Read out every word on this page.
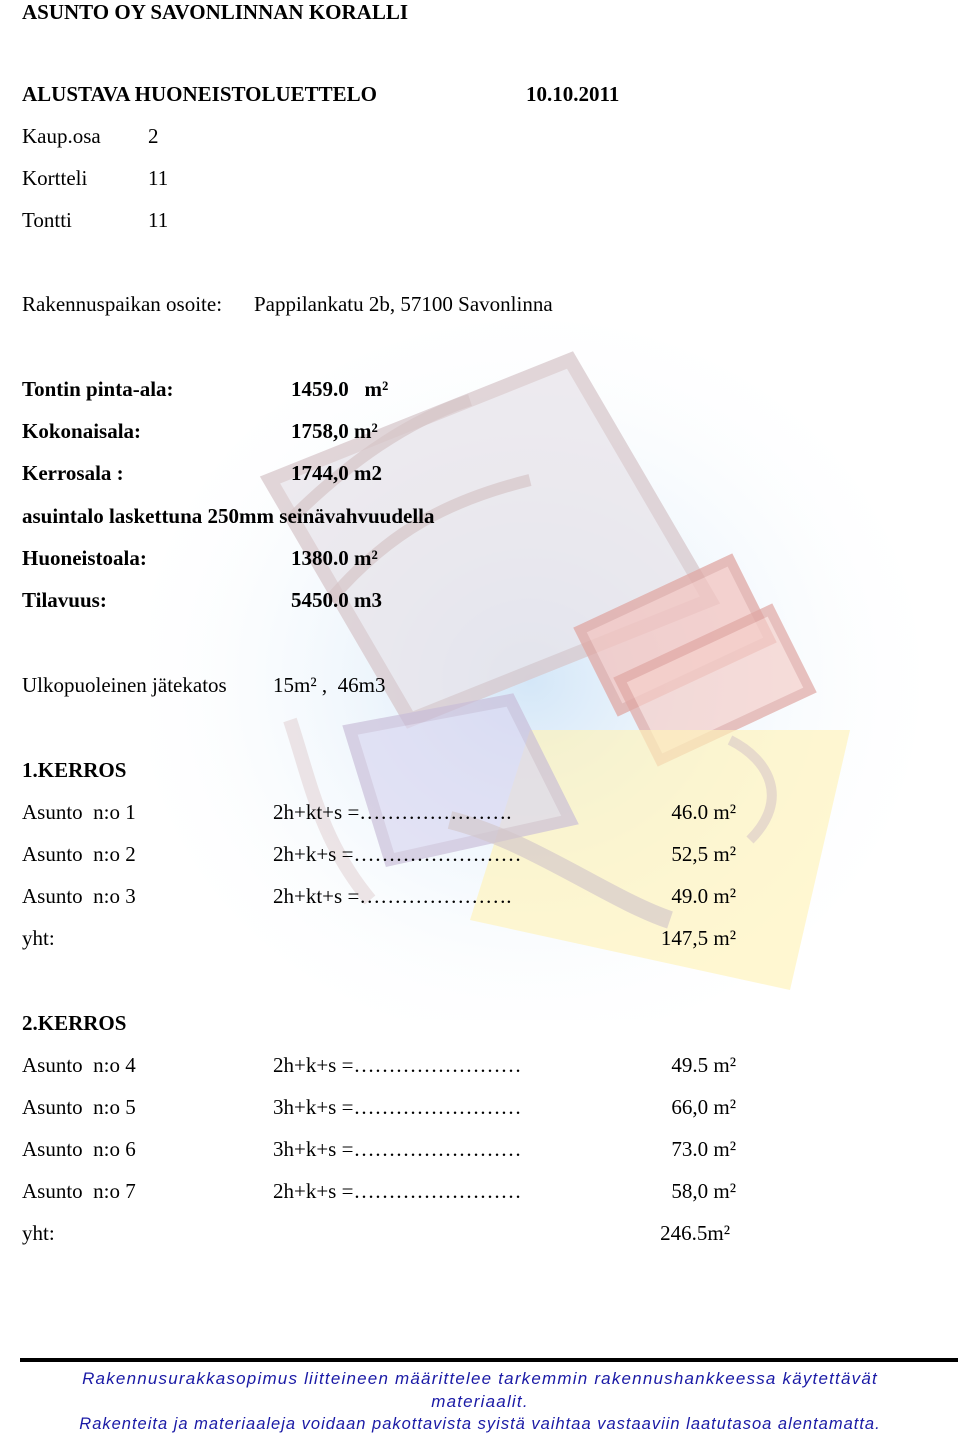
ASUNTO OY SAVONLINNAN KORALLI
ALUSTAVA HUONEISTOLUETTELO	10.10.2011
Kaup.osa 2
Kortteli	11
Tontti	11
Rakennuspaikan osoite: Pappilankatu 2b, 57100 Savonlinna
Tontin pinta-ala:	1459.0   m²
Kokonaisala:	1758,0 m²
Kerrosala :	1744,0 m2
asuintalo laskettuna 250mm seinävahvuudella
Huoneistoala:	1380.0 m²
Tilavuus:	5450.0 m3
Ulkopuoleinen jätekatos 15m² ,  46m3
1.KERROS
Asunto  n:o 1	2h+kt+s =………………….	46.0 m²
Asunto  n:o 2	2h+k+s =……………………	52,5 m²
Asunto  n:o 3	2h+kt+s =………………….	49.0 m²
yht:	147,5 m²
2.KERROS
Asunto  n:o 4	2h+k+s =……………………	49.5 m²
Asunto  n:o 5	3h+k+s =……………………	66,0 m²
Asunto  n:o 6	3h+k+s =……………………	73.0 m²
Asunto  n:o 7	2h+k+s =……………………	58,0 m²
yht:	246.5m²
Rakennusurakkasopimus liitteineen määrittelee tarkemmin rakennushankkeessa käytettävät
materiaalit.
Rakenteita ja materiaaleja voidaan pakottavista syistä vaihtaa vastaaviin laatutasoa alentamatta.
